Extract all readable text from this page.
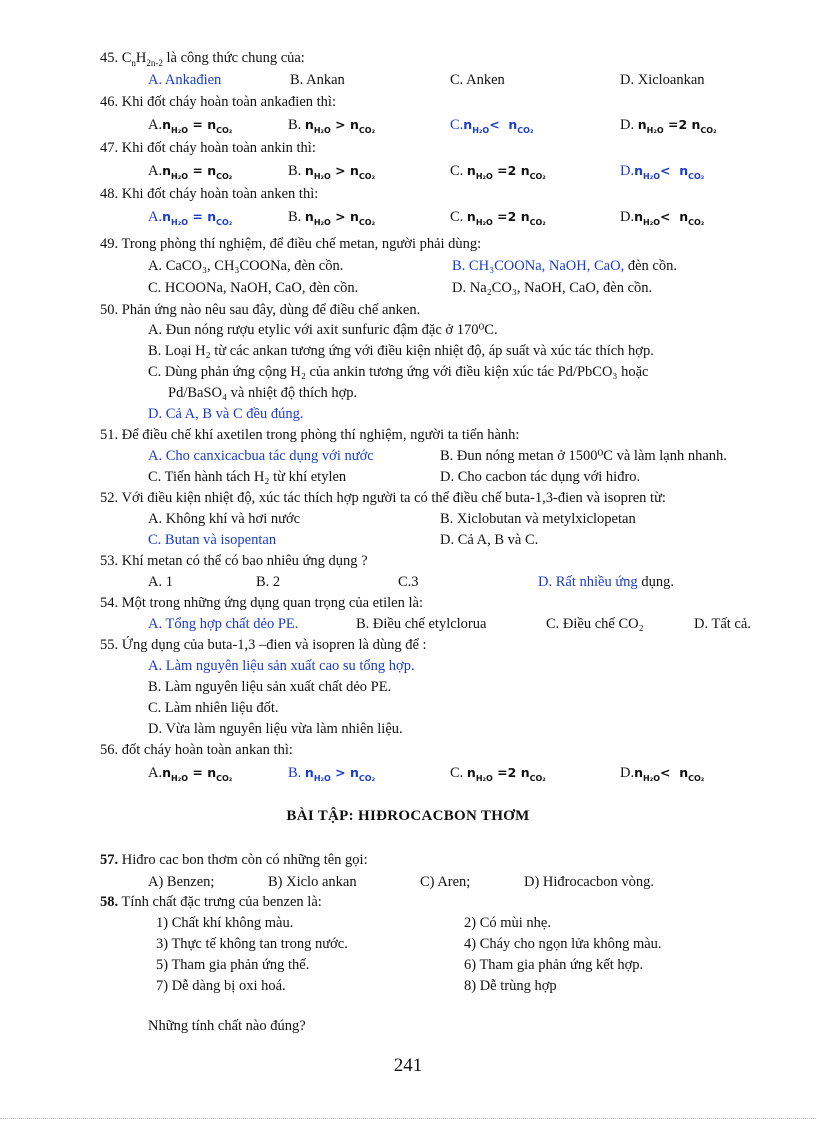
45. $C_nH_{2n-2}$ là công thức chung của:
A. Ankađien	B. Ankan	C. Anken	D. Xicloankan
46. Khi đốt cháy hoàn toàn ankađien thì:
$A.n_{H_2O} = n_{CO_2}$	B. $n_{H_2O} > n_{CO_2}$	$C.n_{H_2O}< n_{CO_2}$	D. $n_{H_2O} =2$ $n_{CO_2}$
47. Khi đốt cháy hoàn toàn ankin thì:
$A.n_{H_2O} = n_{CO_2}$	B. $n_{H_2O} > n_{CO_2}$	C. $n_{H_2O} =2$ $n_{CO_2}$	$D.n_{H_2O}< n_{CO_2}$
48. Khi đốt cháy hoàn toàn anken thì:
$A.n_{H_2O} = n_{CO_2}$	B. $n_{H_2O} > n_{CO_2}$	C. $n_{H_2O} =2$ $n_{CO_2}$	$D.n_{H_2O}< n_{CO_2}$
49. Trong phòng thí nghiệm, để điều chế metan, người phải dùng:
A. CaCO₃, CH₃COONa, đèn cồn.	B. CH₃COONa, NaOH, CaO, đèn cồn.
C. HCOONa, NaOH, CaO, đèn cồn.	D. Na₂CO₃, NaOH, CaO, đèn cồn.
50. Phản ứng nào nêu sau đây, dùng để điều chế anken.
A. Đun nóng rượu etylic với axit sunfuric đậm đặc ở 170⁰C.
B. Loại H₂ từ các ankan tương ứng với điều kiện nhiệt độ, áp suất và xúc tác thích hợp.
C. Dùng phản ứng cộng H₂ của ankin tương ứng với điều kiện xúc tác Pd/PbCO₃ hoặc
Pd/BaSO₄ và nhiệt độ thích hợp.
D. Cả A, B và C đều đúng.
51. Để điều chế khí axetilen trong phòng thí nghiệm, người ta tiến hành:
A. Cho canxicacbua tác dụng với nước	B. Đun nóng metan ở 1500⁰C và làm lạnh nhanh.
C. Tiến hành tách H₂ từ khí etylen	D. Cho cacbon tác dụng với hiđro.
52. Với điều kiện nhiệt độ, xúc tác thích hợp người ta có thể điều chế buta-1,3-đien và isopren từ:
A. Không khí và hơi nước	B. Xiclobutan và metylxiclopetan
C. Butan và isopentan	D. Cả A, B và C.
53. Khí metan có thể có bao nhiêu ứng dụng ?
A. 1	B. 2	C.3	D. Rất nhiều ứng dụng.
54. Một trong những ứng dụng quan trọng của etilen là:
A. Tổng hợp chất dẻo PE.	B. Điều chế etylclorua	C. Điều chế CO₂	D. Tất cả.
55. Ứng dụng của buta-1,3 –đien và isopren là dùng để :
A. Làm nguyên liệu sản xuất cao su tổng hợp.
B. Làm nguyên liệu sản xuất chất dẻo PE.
C. Làm nhiên liệu đốt.
D. Vừa làm nguyên liệu vừa làm nhiên liệu.
56. đốt cháy hoàn toàn ankan thì:
$A.n_{H_2O} = n_{CO_2}$	B. $n_{H_2O} > n_{CO_2}$	C. $n_{H_2O} =2$ $n_{CO_2}$	$D.n_{H_2O}< n_{CO_2}$
BÀI TẬP: HIĐROCACBON THƠM
57. Hiđro cac bon thơm còn có những tên gọi:
A) Benzen;	B) Xiclo ankan	C) Aren;	D) Hiđrocacbon vòng.
58. Tính chất đặc trưng của benzen là:
1) Chất khí không màu.	2) Có mùi nhẹ.
3) Thực tế không tan trong nước.	4) Cháy cho ngọn lửa không màu.
5) Tham gia phản ứng thế.	6) Tham gia phản ứng kết hợp.
7) Dễ dàng bị oxi hoá.	8) Dễ trùng hợp
Những tính chất nào đúng?
241
